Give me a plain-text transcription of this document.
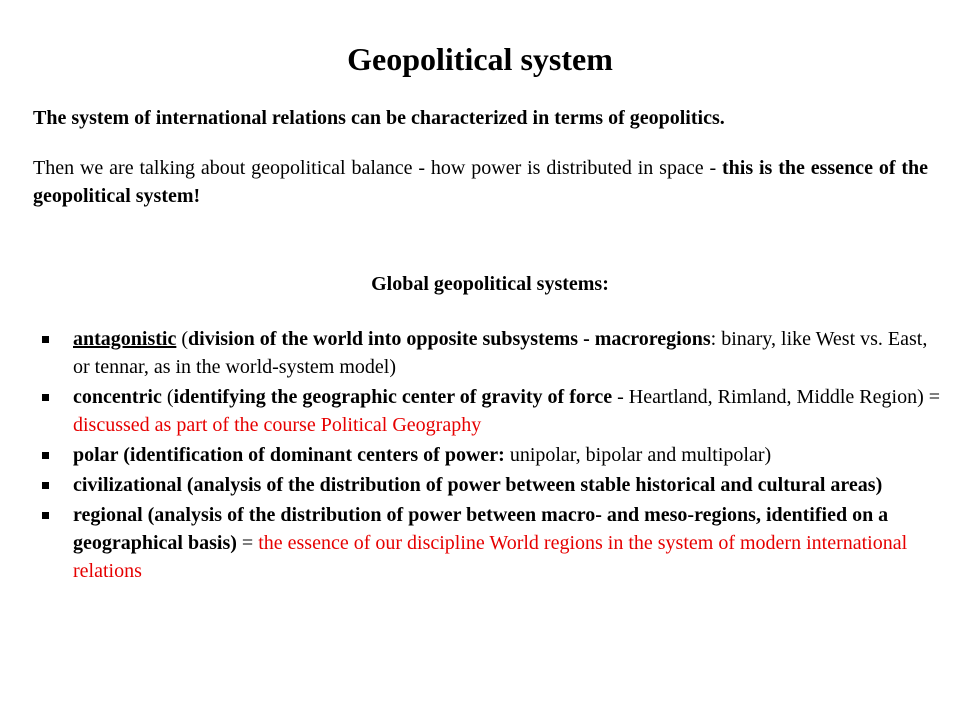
Geopolitical system

The system of international relations can be characterized in terms of geopolitics.

Then we are talking about geopolitical balance - how power is distributed in space - this is the essence of the geopolitical system!

Global geopolitical systems:
antagonistic (division of the world into opposite subsystems - macroregions: binary, like West vs. East, or tennar, as in the world-system model)
concentric (identifying the geographic center of gravity of force - Heartland, Rimland, Middle Region) = discussed as part of the course Political Geography
polar (identification of dominant centers of power: unipolar, bipolar and multipolar)
civilizational (analysis of the distribution of power between stable historical and cultural areas)
regional (analysis of the distribution of power between macro- and meso-regions, identified on a geographical basis) = the essence of our discipline World regions in the system of modern international relations
